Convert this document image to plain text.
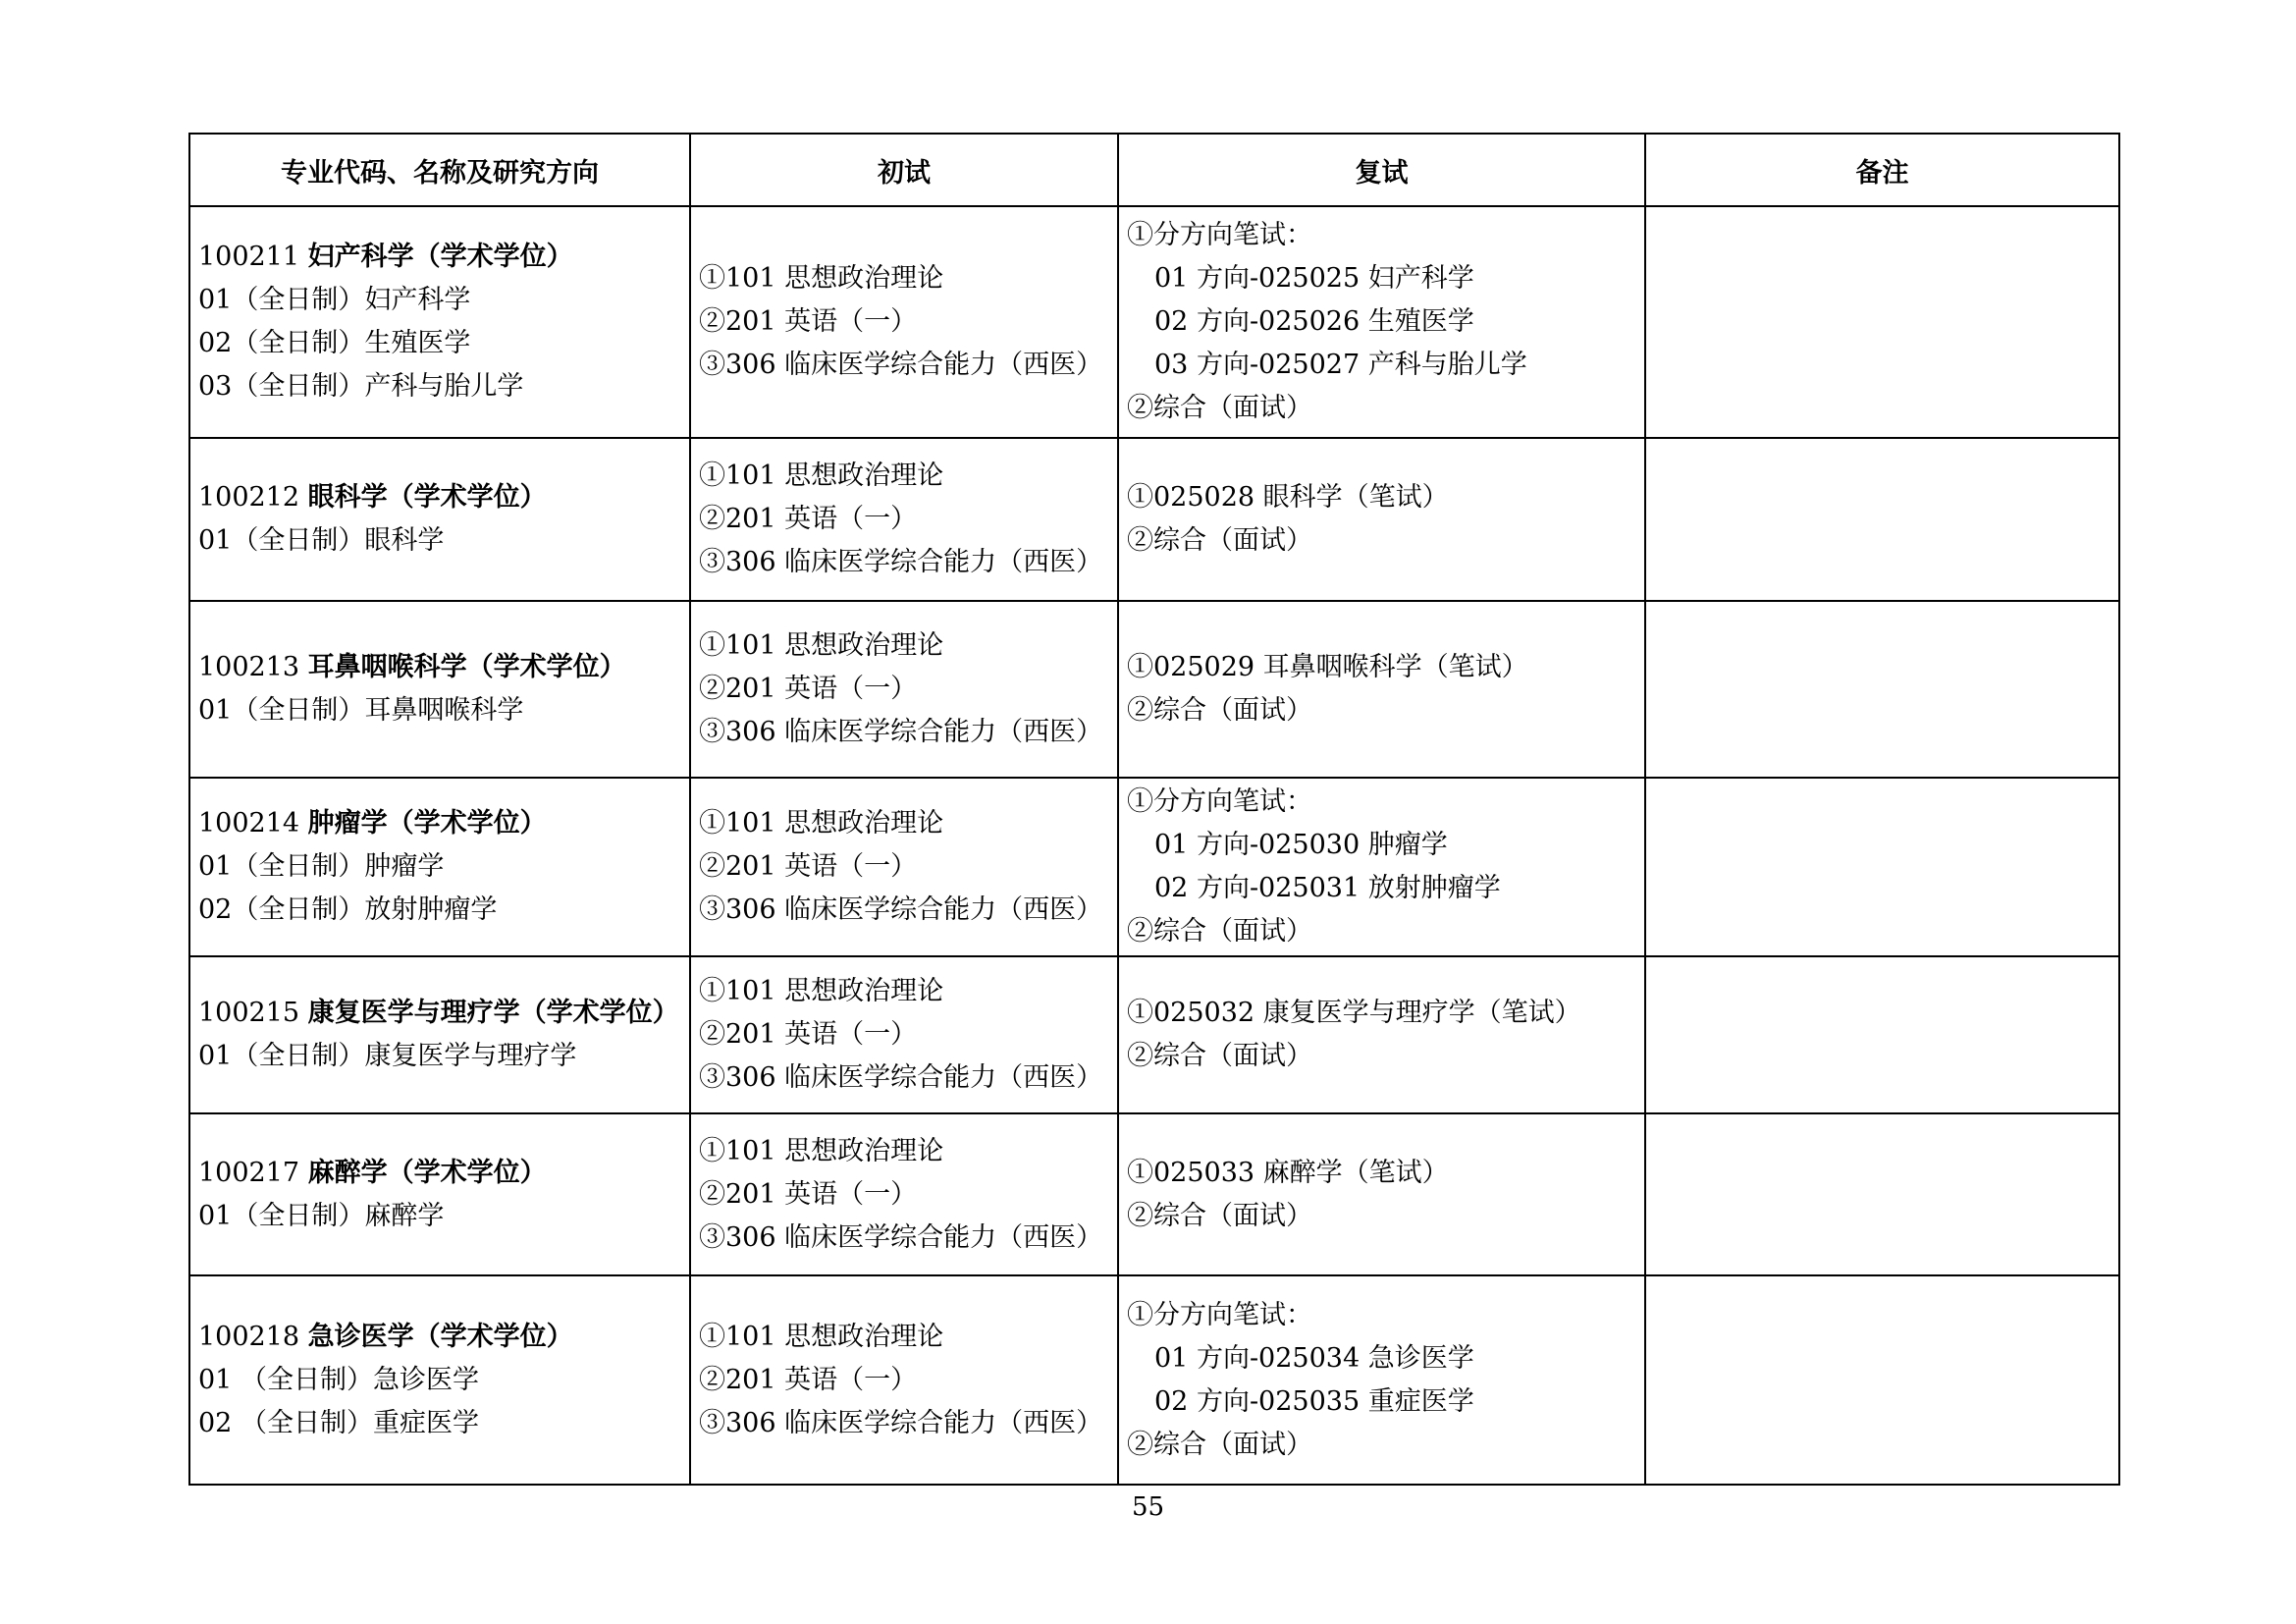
专业代码、名称及研究方向	初试	复试	备注

100211 妇产科学（学术学位）
01（全日制）妇产科学
02（全日制）生殖医学
03（全日制）产科与胎儿学	①101 思想政治理论
②201 英语（一）
③306 临床医学综合能力（西医）	①分方向笔试：
01 方向-025025 妇产科学
02 方向-025026 生殖医学
03 方向-025027 产科与胎儿学
②综合（面试）	

100212 眼科学（学术学位）
01（全日制）眼科学	①101 思想政治理论
②201 英语（一）
③306 临床医学综合能力（西医）	①025028 眼科学（笔试）
②综合（面试）	

100213 耳鼻咽喉科学（学术学位）
01（全日制）耳鼻咽喉科学	①101 思想政治理论
②201 英语（一）
③306 临床医学综合能力（西医）	①025029 耳鼻咽喉科学（笔试）
②综合（面试）	

100214 肿瘤学（学术学位）
01（全日制）肿瘤学
02（全日制）放射肿瘤学	①101 思想政治理论
②201 英语（一）
③306 临床医学综合能力（西医）	①分方向笔试：
01 方向-025030 肿瘤学
02 方向-025031 放射肿瘤学
②综合（面试）	

100215 康复医学与理疗学（学术学位）
01（全日制）康复医学与理疗学	①101 思想政治理论
②201 英语（一）
③306 临床医学综合能力（西医）	①025032 康复医学与理疗学（笔试）
②综合（面试）	

100217 麻醉学（学术学位）
01（全日制）麻醉学	①101 思想政治理论
②201 英语（一）
③306 临床医学综合能力（西医）	①025033 麻醉学（笔试）
②综合（面试）	

100218 急诊医学（学术学位）
01 （全日制）急诊医学
02 （全日制）重症医学	①101 思想政治理论
②201 英语（一）
③306 临床医学综合能力（西医）	①分方向笔试：
01 方向-025034 急诊医学
02 方向-025035 重症医学
②综合（面试）	

55
